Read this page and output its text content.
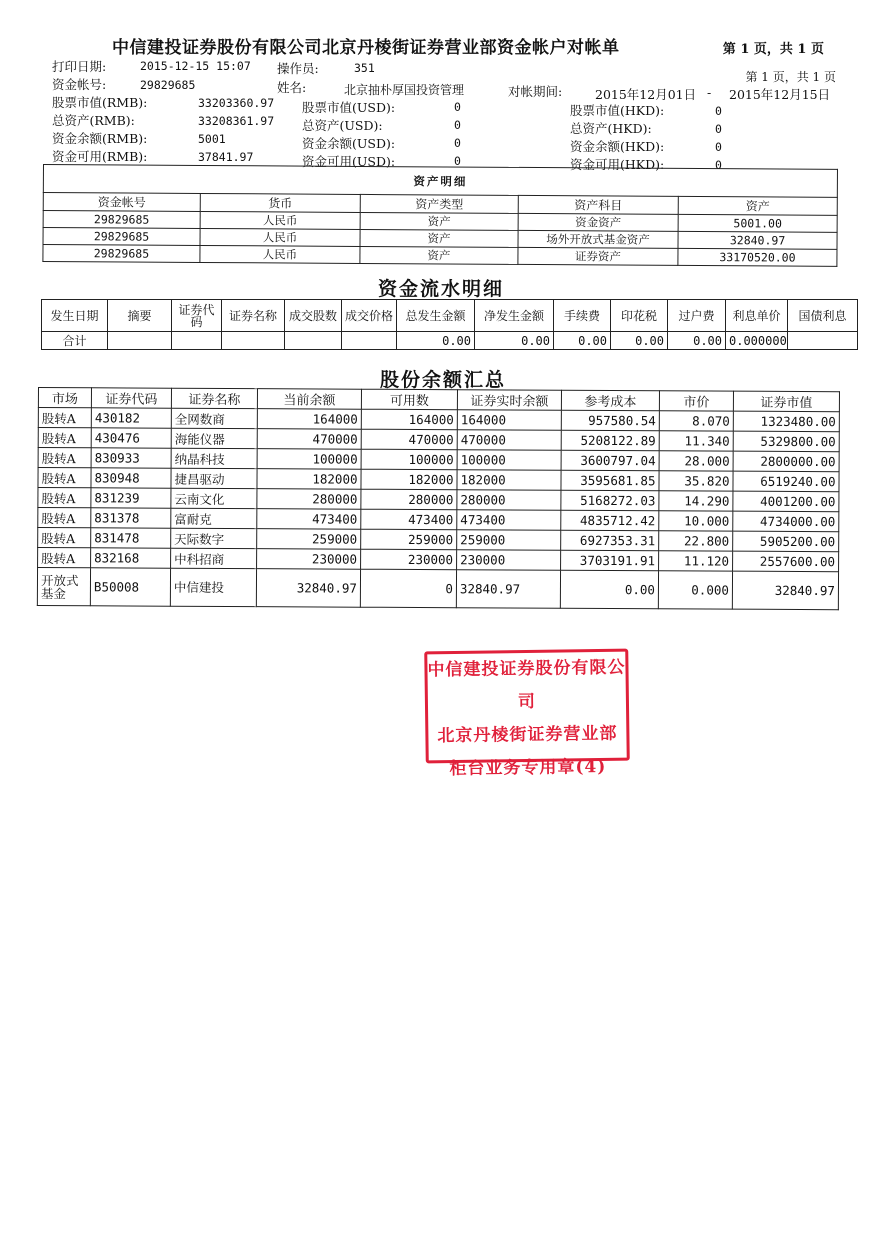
中信建投证券股份有限公司北京丹棱街证券营业部资金帐户对帐单	第 1 页，共 1 页
第 1 页，共 1 页
打印日期:	2015-12-15 15:07 操作员:	351
资金帐号:	29829685	姓名:	北京抽朴厚国投资管理	对帐期间:	2015年12月01日 - 2015年12月15日
股票市值(RMB):	33203360.97 股票市值(USD):	0	股票市值(HKD):	0
总资产(RMB):	33208361.97 总资产(USD):	0	总资产(HKD):	0
资金余额(RMB):	5001	资金余额(USD):	0	资金余额(HKD):	0
资金可用(RMB):	37841.97	资金可用(USD):	0	资金可用(HKD):	0
资产明细				
资金帐号	货币	资产类型	资产科目	资产
29829685	人民币	资产	资金资产	5001.00
29829685	人民币	资产	场外开放式基金资产	32840.97
29829685	人民币	资产	证券资产	33170520.00
资金流水明细
发生日期	摘要	证券代码	证券名称	成交股数	成交价格	总发生金额	净发生金额	手续费	印花税	过户费	利息单价	国债利息
合计						0.00	0.00	0.00	0.00	0.00	0.000000	
股份余额汇总
市场	证券代码	证券名称	当前余额	可用数	证券实时余额	参考成本	市价	证券市值
股转A	430182	全网数商	164000	164000	164000	957580.54	8.070	1323480.00
股转A	430476	海能仪器	470000	470000	470000	5208122.89	11.340	5329800.00
股转A	830933	纳晶科技	100000	100000	100000	3600797.04	28.000	2800000.00
股转A	830948	捷昌驱动	182000	182000	182000	3595681.85	35.820	6519240.00
股转A	831239	云南文化	280000	280000	280000	5168272.03	14.290	4001200.00
股转A	831378	富耐克	473400	473400	473400	4835712.42	10.000	4734000.00
股转A	831478	天际数字	259000	259000	259000	6927353.31	22.800	5905200.00
股转A	832168	中科招商	230000	230000	230000	3703191.91	11.120	2557600.00
开放式基金	B50008	中信建投	32840.97	0	32840.97	0.00	0.000	32840.97
中信建投证券股份有限公司
北京丹棱街证券营业部
柜台业务专用章(4)
